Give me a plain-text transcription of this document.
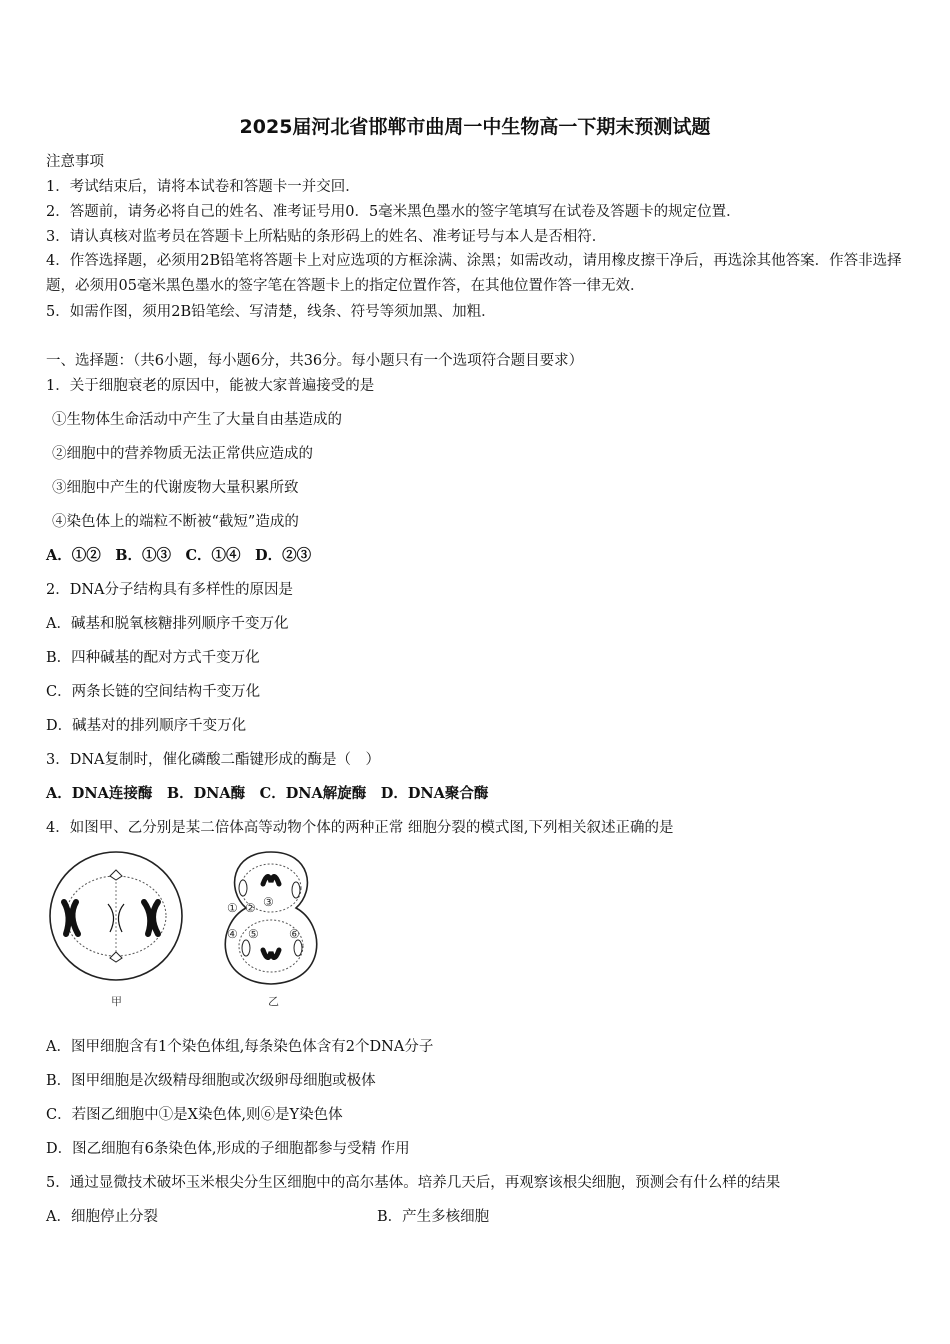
2025届河北省邯郸市曲周一中生物高一下期末预测试题
注意事项
1．考试结束后，请将本试卷和答题卡一并交回．
2．答题前，请务必将自己的姓名、准考证号用0．5毫米黑色墨水的签字笔填写在试卷及答题卡的规定位置．
3．请认真核对监考员在答题卡上所粘贴的条形码上的姓名、准考证号与本人是否相符．
4．作答选择题，必须用2B铅笔将答题卡上对应选项的方框涂满、涂黑；如需改动，请用橡皮擦干净后，再选涂其他答案．作答非选择题，必须用05毫米黑色墨水的签字笔在答题卡上的指定位置作答，在其他位置作答一律无效．
5．如需作图，须用2B铅笔绘、写清楚，线条、符号等须加黑、加粗．
一、选择题：（共6小题，每小题6分，共36分。每小题只有一个选项符合题目要求）
1．关于细胞衰老的原因中，能被大家普遍接受的是
①生物体生命活动中产生了大量自由基造成的
②细胞中的营养物质无法正常供应造成的
③细胞中产生的代谢废物大量积累所致
④染色体上的端粒不断被“截短”造成的
A．①②　B．①③　C．①④　D．②③
2．DNA分子结构具有多样性的原因是
A．碱基和脱氧核糖排列顺序千变万化
B．四种碱基的配对方式千变万化
C．两条长链的空间结构千变万化
D．碱基对的排列顺序千变万化
3．DNA复制时，催化磷酸二酯键形成的酶是（　）
A．DNA连接酶　B．DNA酶　C．DNA解旋酶　D．DNA聚合酶
4．如图甲、乙分别是某二倍体高等动物个体的两种正常 细胞分裂的模式图,下列相关叙述正确的是
甲
① ② ③
④ ⑤	⑥
乙
A．图甲细胞含有1个染色体组,每条染色体含有2个DNA分子
B．图甲细胞是次级精母细胞或次级卵母细胞或极体
C．若图乙细胞中①是X染色体,则⑥是Y染色体
D．图乙细胞有6条染色体,形成的子细胞都参与受精 作用
5．通过显微技术破坏玉米根尖分生区细胞中的高尔基体。培养几天后，再观察该根尖细胞，预测会有什么样的结果
A．细胞停止分裂	B．产生多核细胞
